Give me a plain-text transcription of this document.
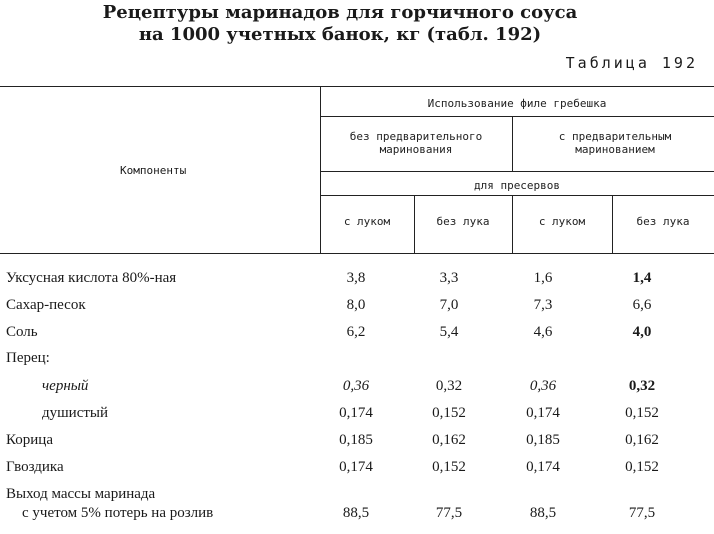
Рецептуры маринадов для горчичного соуса
на 1000 учетных банок, кг (табл. 192)
Таблица 192
Компоненты
Использование филе гребешка
без предварительного маринования
с предварительным маринованием
для пресервов
с луком	без лука	с луком	без лука
Уксусная кислота 80%-ная	3,8	3,3	1,6	1,4
Сахар-песок	8,0	7,0	7,3	6,6
Соль	6,2	5,4	4,6	4,0
Перец:
черный	0,36	0,32	0,36	0,32
душистый	0,174	0,152	0,174	0,152
Корица	0,185	0,162	0,185	0,162
Гвоздика	0,174	0,152	0,174	0,152
Выход массы маринада
с учетом 5% потерь на розлив	88,5	77,5	88,5	77,5
